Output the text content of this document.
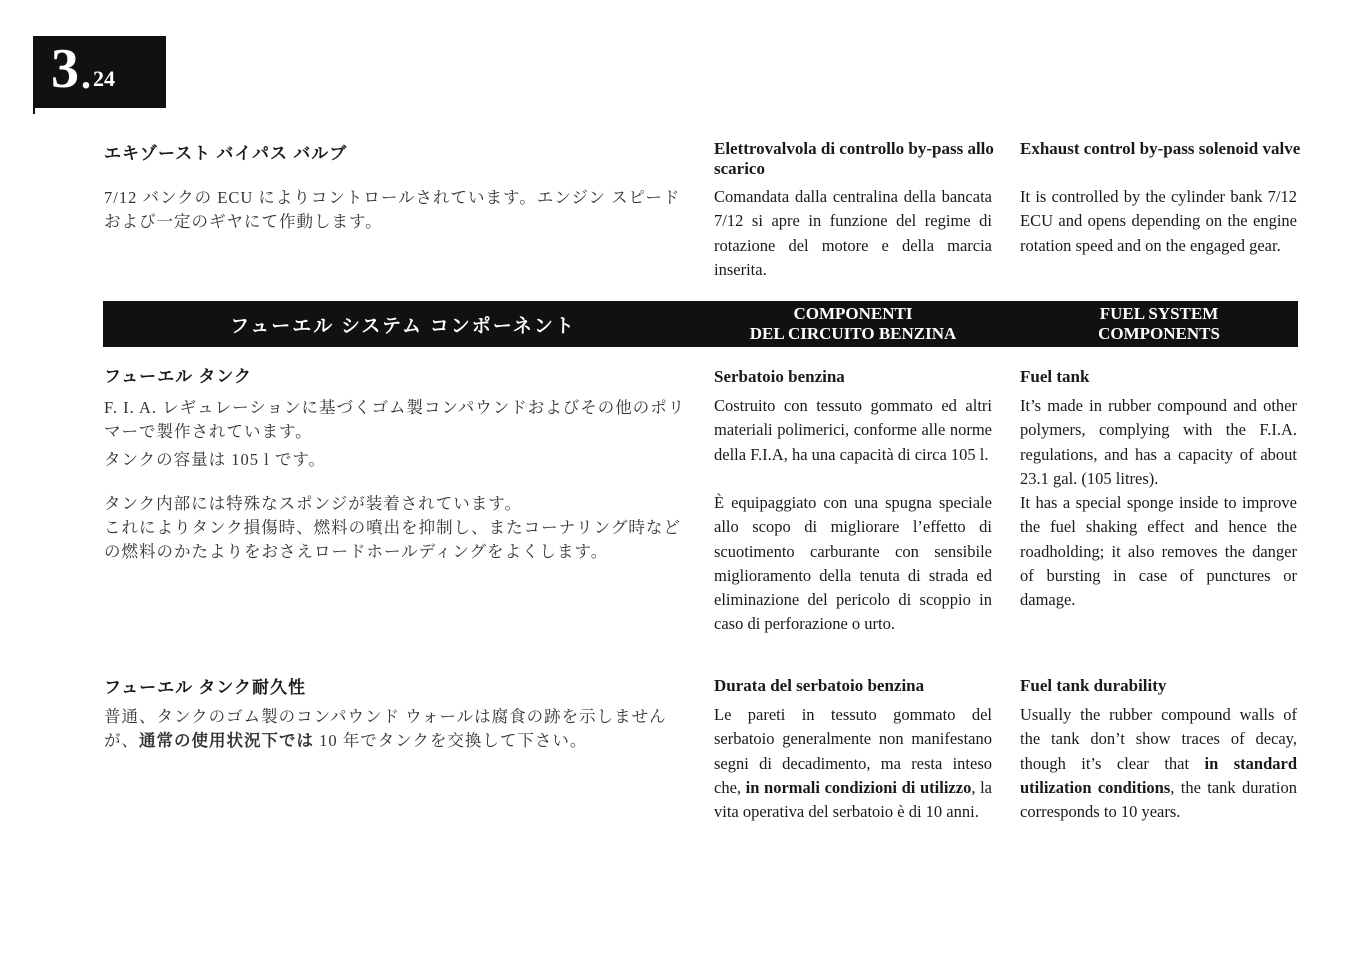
3 . 24

エキゾースト バイパス バルブ

7/12 バンクの ECU によりコントロールされています。エンジン スピードおよび一定のギヤにて作動します。

Elettrovalvola di controllo by-pass allo scarico

Comandata dalla centralina della bancata 7/12 si apre in funzione del regime di rotazione del motore e della marcia inserita.

Exhaust control by-pass solenoid valve

It is controlled by the cylinder bank 7/12 ECU and opens depending on the engine rotation speed and on the engaged gear.

フューエル システム コンポーネント
COMPONENTI
DEL CIRCUITO BENZINA
FUEL SYSTEM
COMPONENTS

フューエル タンク

F. I. A. レギュレーションに基づくゴム製コンパウンドおよびその他のポリマーで製作されています。

タンクの容量は 105 l です。

タンク内部には特殊なスポンジが装着されています。

これによりタンク損傷時、燃料の噴出を抑制し、またコーナリング時などの燃料のかたよりをおさえロードホールディングをよくします。

Serbatoio benzina

Costruito con tessuto gommato ed altri materiali polimerici, conforme alle norme della F.I.A, ha una capacità di circa 105 l.

È equipaggiato con una spugna speciale allo scopo di migliorare l’effetto di scuotimento carburante con sensibile miglioramento della tenuta di strada ed eliminazione del pericolo di scoppio in caso di perforazione o urto.

Fuel tank

It’s made in rubber compound and other polymers, complying with the F.I.A. regulations, and has a capacity of about 23.1 gal. (105 litres).

It has a special sponge inside to improve the fuel shaking effect and hence the roadholding; it also removes the danger of bursting in case of punctures or damage.

フューエル タンク耐久性

普通、タンクのゴム製のコンパウンド ウォールは腐食の跡を示しませんが、通常の使用状況下では 10 年でタンクを交換して下さい。

Durata del serbatoio benzina

Le pareti in tessuto gommato del serbatoio generalmente non manifestano segni di decadimento, ma resta inteso che, in normali condizioni di utilizzo, la vita operativa del serbatoio è di 10 anni.

Fuel tank durability

Usually the rubber compound walls of the tank don’t show traces of decay, though it’s clear that in standard utilization conditions, the tank duration corresponds to 10 years.
